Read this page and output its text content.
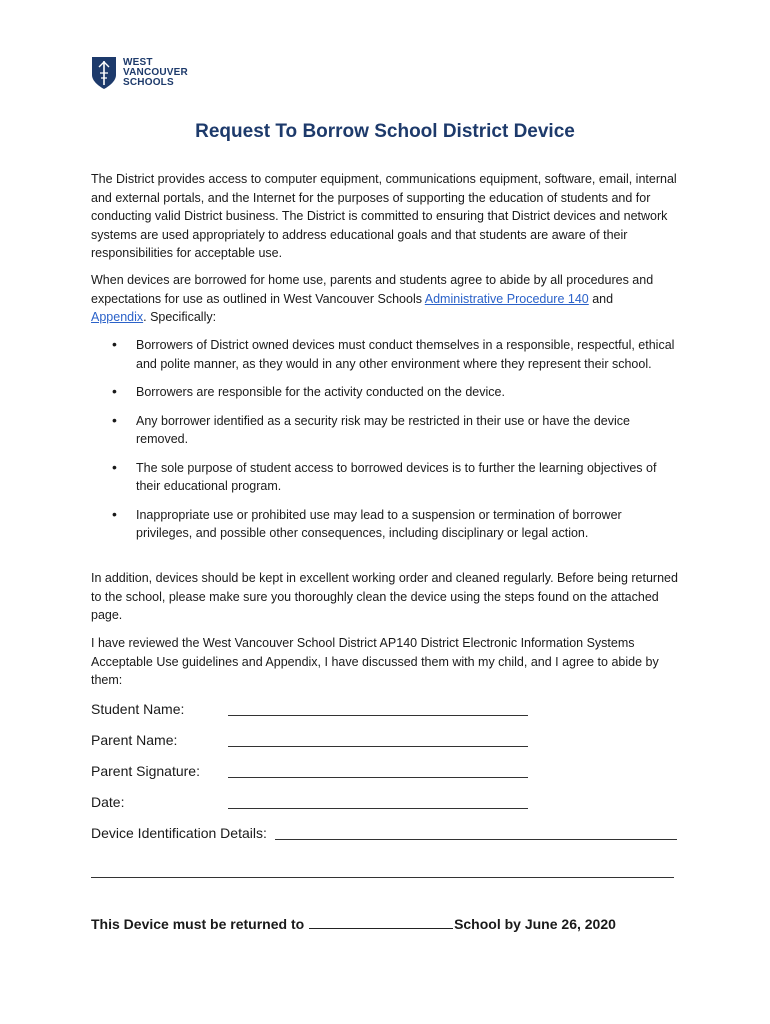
WEST
VANCOUVER
SCHOOLS
Request To Borrow School District Device

The District provides access to computer equipment, communications equipment, software, email, internal and external portals, and the Internet for the purposes of supporting the education of students and for conducting valid District business. The District is committed to ensuring that District devices and network systems are used appropriately to address educational goals and that students are aware of their responsibilities for acceptable use.

When devices are borrowed for home use, parents and students agree to abide by all procedures and expectations for use as outlined in West Vancouver Schools Administrative Procedure 140 and
Appendix. Specifically:

• Borrowers of District owned devices must conduct themselves in a responsible, respectful, ethical and polite manner, as they would in any other environment where they represent their school.
• Borrowers are responsible for the activity conducted on the device.
• Any borrower identified as a security risk may be restricted in their use or have the device removed.
• The sole purpose of student access to borrowed devices is to further the learning objectives of their educational program.
• Inappropriate use or prohibited use may lead to a suspension or termination of borrower privileges, and possible other consequences, including disciplinary or legal action.

In addition, devices should be kept in excellent working order and cleaned regularly. Before being returned to the school, please make sure you thoroughly clean the device using the steps found on the attached page.

I have reviewed the West Vancouver School District AP140 District Electronic Information Systems Acceptable Use guidelines and Appendix, I have discussed them with my child, and I agree to abide by them:

Student Name:
Parent Name:
Parent Signature:
Date:
Device Identification Details:
This Device must be returned to	School by June 26, 2020
